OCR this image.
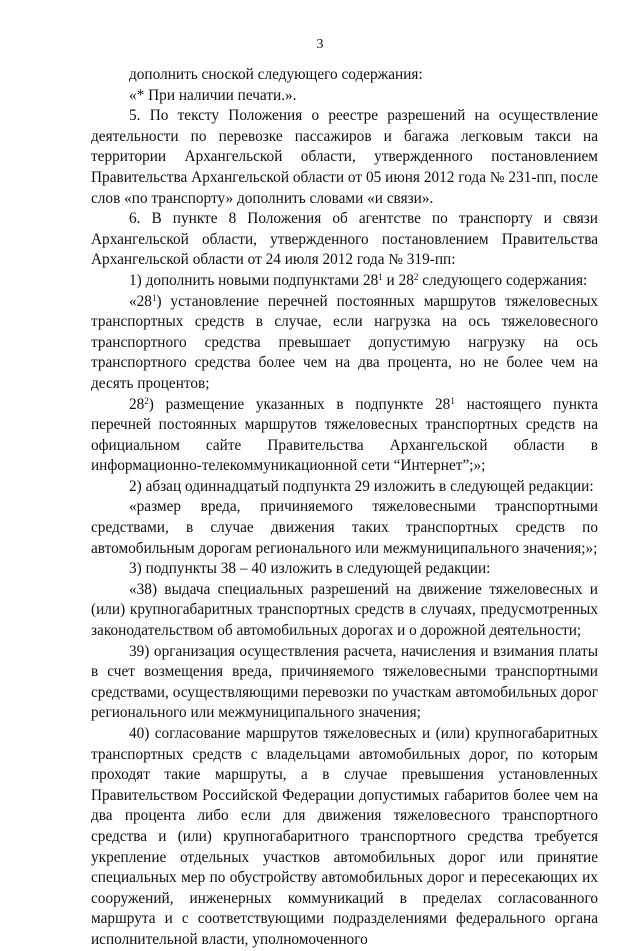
3

дополнить сноской следующего содержания:

«* При наличии печати.».

5. По тексту Положения о реестре разрешений на осуществление деятельности по перевозке пассажиров и багажа легковым такси на территории Архангельской области, утвержденного постановлением Правительства Архангельской области от 05 июня 2012 года № 231-пп, после слов «по транспорту» дополнить словами «и связи».

6. В пункте 8 Положения об агентстве по транспорту и связи Архангельской области, утвержденного постановлением Правительства Архангельской области от 24 июля 2012 года № 319-пп:

1) дополнить новыми подпунктами $28^1$ и $28^2$ следующего содержания:

«$28^1$) установление перечней постоянных маршрутов тяжеловесных транспортных средств в случае, если нагрузка на ось тяжеловесного транспортного средства превышает допустимую нагрузку на ось транспортного средства более чем на два процента, но не более чем на десять процентов;

$28^2$) размещение указанных в подпункте $28^1$ настоящего пункта перечней постоянных маршрутов тяжеловесных транспортных средств на официальном сайте Правительства Архангельской области в информационно-телекоммуникационной сети “Интернет”;»;

2) абзац одиннадцатый подпункта 29 изложить в следующей редакции:

«размер вреда, причиняемого тяжеловесными транспортными средствами, в случае движения таких транспортных средств по автомобильным дорогам регионального или межмуниципального значения;»;

3) подпункты 38 – 40 изложить в следующей редакции:

«38) выдача специальных разрешений на движение тяжеловесных и (или) крупногабаритных транспортных средств в случаях, предусмотренных законодательством об автомобильных дорогах и о дорожной деятельности;

39) организация осуществления расчета, начисления и взимания платы в счет возмещения вреда, причиняемого тяжеловесными транспортными средствами, осуществляющими перевозки по участкам автомобильных дорог регионального или межмуниципального значения;

40) согласование маршрутов тяжеловесных и (или) крупногабаритных транспортных средств с владельцами автомобильных дорог, по которым проходят такие маршруты, а в случае превышения установленных Правительством Российской Федерации допустимых габаритов более чем на два процента либо если для движения тяжеловесного транспортного средства и (или) крупногабаритного транспортного средства требуется укрепление отдельных участков автомобильных дорог или принятие специальных мер по обустройству автомобильных дорог и пересекающих их сооружений, инженерных коммуникаций в пределах согласованного маршрута и с соответствующими подразделениями федерального органа исполнительной власти, уполномоченного
